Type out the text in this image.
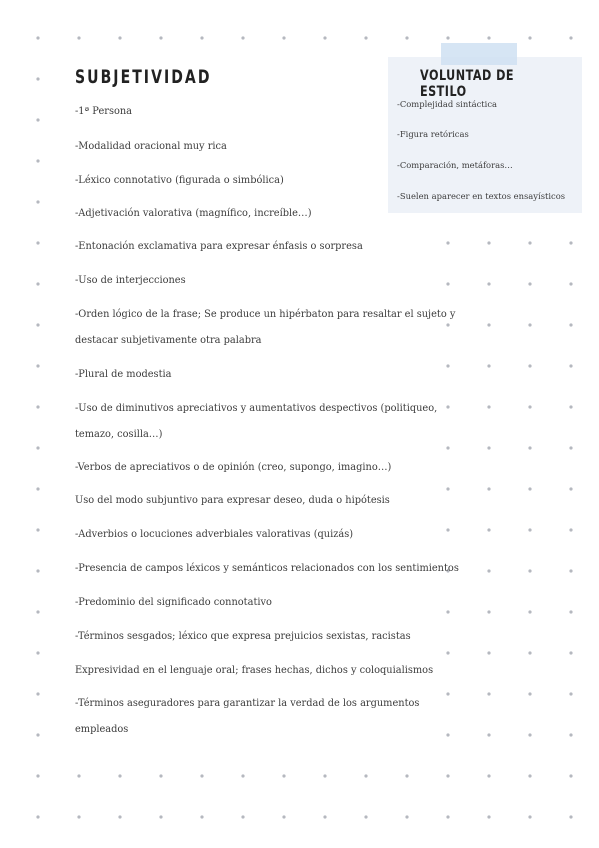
SUBJETIVIDAD
-1ª Persona
-Modalidad oracional muy rica
-Léxico connotativo (figurada o simbólica)
-Adjetivación valorativa (magnífico, increíble…)
-Entonación exclamativa para expresar énfasis o sorpresa
-Uso de interjecciones
-Orden lógico de la frase; Se produce un hipérbaton para resaltar el sujeto y
destacar subjetivamente otra palabra
-Plural de modestia
-Uso de diminutivos apreciativos y aumentativos despectivos (politiqueo,
temazo, cosilla…)
-Verbos de apreciativos o de opinión (creo, supongo, imagino…)
Uso del modo subjuntivo para expresar deseo, duda o hipótesis
-Adverbios o locuciones adverbiales valorativas (quizás)
-Presencia de campos léxicos y semánticos relacionados con los sentimientos
-Predominio del significado connotativo
-Términos sesgados; léxico que expresa prejuicios sexistas, racistas
Expresividad en el lenguaje oral; frases hechas, dichos y coloquialismos
-Términos aseguradores para garantizar la verdad de los argumentos
empleados
VOLUNTAD DE ESTILO
-Complejidad sintáctica
-Figura retóricas
-Comparación, metáforas…
-Suelen aparecer en textos ensayísticos
